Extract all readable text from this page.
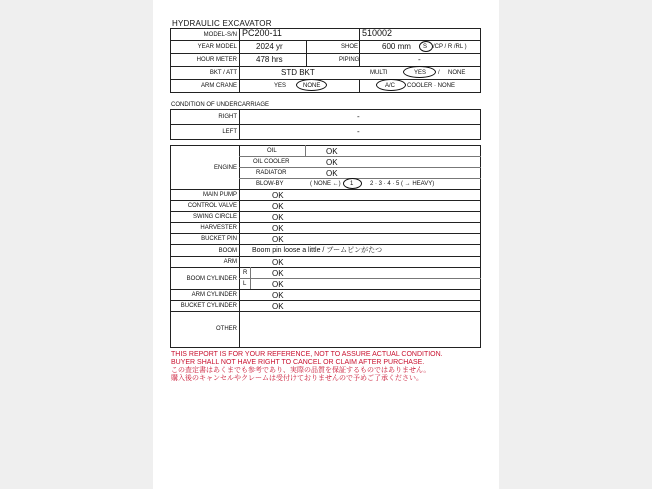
HYDRAULIC EXCAVATOR
MODEL-S/N PC200-11	510002
YEAR MODEL 2024 yr	SHOE	600 mm S /CP / R /RL )
HOUR METER 478 hrs	PIPING	-
BKT / ATT	STD BKT	MULTI	YES / NONE
ARM CRANE	YES	NONE	A/C COOLER · NONE
CONDITION OF UNDERCARRIAGE
RIGHT	-
LEFT	-
ENGINE
OIL	OK
OIL COOLER	OK
RADIATOR	OK
BLOW-BY	( NONE ←) 1	2 · 3 · 4 · 5 ( → HEAVY)
MAIN PUMP	OK
CONTROL VALVE	OK
SWING CIRCLE	OK
HARVESTER	OK
BUCKET PIN	OK
BOOM Boom pin loose a little / ブームピンがたつ
ARM	OK
BOOM CYLINDER
R	OK
L	OK
ARM CYLINDER	OK
BUCKET CYLINDER	OK
OTHER
THIS REPORT IS FOR YOUR REFERENCE, NOT TO ASSURE ACTUAL CONDITION.
BUYER SHALL NOT HAVE RIGHT TO CANCEL OR CLAIM AFTER PURCHASE.
この査定書はあくまでも参考であり、実際の品質を保証するものではありません。
購入後のキャンセルやクレームは受付けておりませんので予めご了承ください。
